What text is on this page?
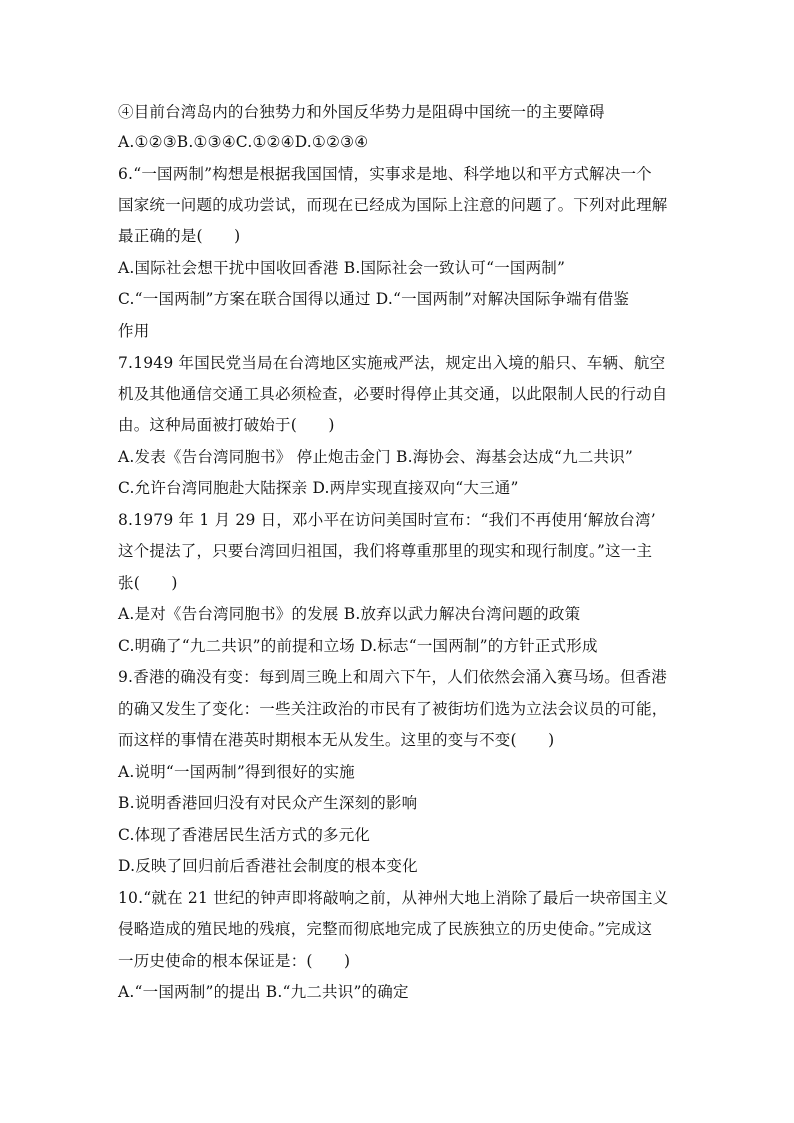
④目前台湾岛内的台独势力和外国反华势力是阻碍中国统一的主要障碍
A.①②③B.①③④C.①②④D.①②③④
6.“一国两制”构想是根据我国国情，实事求是地、科学地以和平方式解决一个
国家统一问题的成功尝试，而现在已经成为国际上注意的问题了。下列对此理解
最正确的是(　　)
A.国际社会想干扰中国收回香港 B.国际社会一致认可“一国两制”
C.“一国两制”方案在联合国得以通过 D.“一国两制”对解决国际争端有借鉴
作用
7.1949 年国民党当局在台湾地区实施戒严法，规定出入境的船只、车辆、航空
机及其他通信交通工具必须检查，必要时得停止其交通，以此限制人民的行动自
由。这种局面被打破始于(　　)
A.发表《告台湾同胞书》 停止炮击金门 B.海协会、海基会达成“九二共识”
C.允许台湾同胞赴大陆探亲 D.两岸实现直接双向“大三通”
8.1979 年 1 月 29 日，邓小平在访问美国时宣布：“我们不再使用‘解放台湾’
这个提法了，只要台湾回归祖国，我们将尊重那里的现实和现行制度。”这一主
张(　　)
A.是对《告台湾同胞书》的发展 B.放弃以武力解决台湾问题的政策
C.明确了“九二共识”的前提和立场 D.标志“一国两制”的方针正式形成
9.香港的确没有变：每到周三晚上和周六下午，人们依然会涌入赛马场。但香港
的确又发生了变化：一些关注政治的市民有了被街坊们选为立法会议员的可能，
而这样的事情在港英时期根本无从发生。这里的变与不变(　　)
A.说明“一国两制”得到很好的实施
B.说明香港回归没有对民众产生深刻的影响
C.体现了香港居民生活方式的多元化
D.反映了回归前后香港社会制度的根本变化
10.“就在 21 世纪的钟声即将敲响之前，从神州大地上消除了最后一块帝国主义
侵略造成的殖民地的残痕，完整而彻底地完成了民族独立的历史使命。”完成这
一历史使命的根本保证是：(　　)
A.“一国两制”的提出 B.“九二共识”的确定
